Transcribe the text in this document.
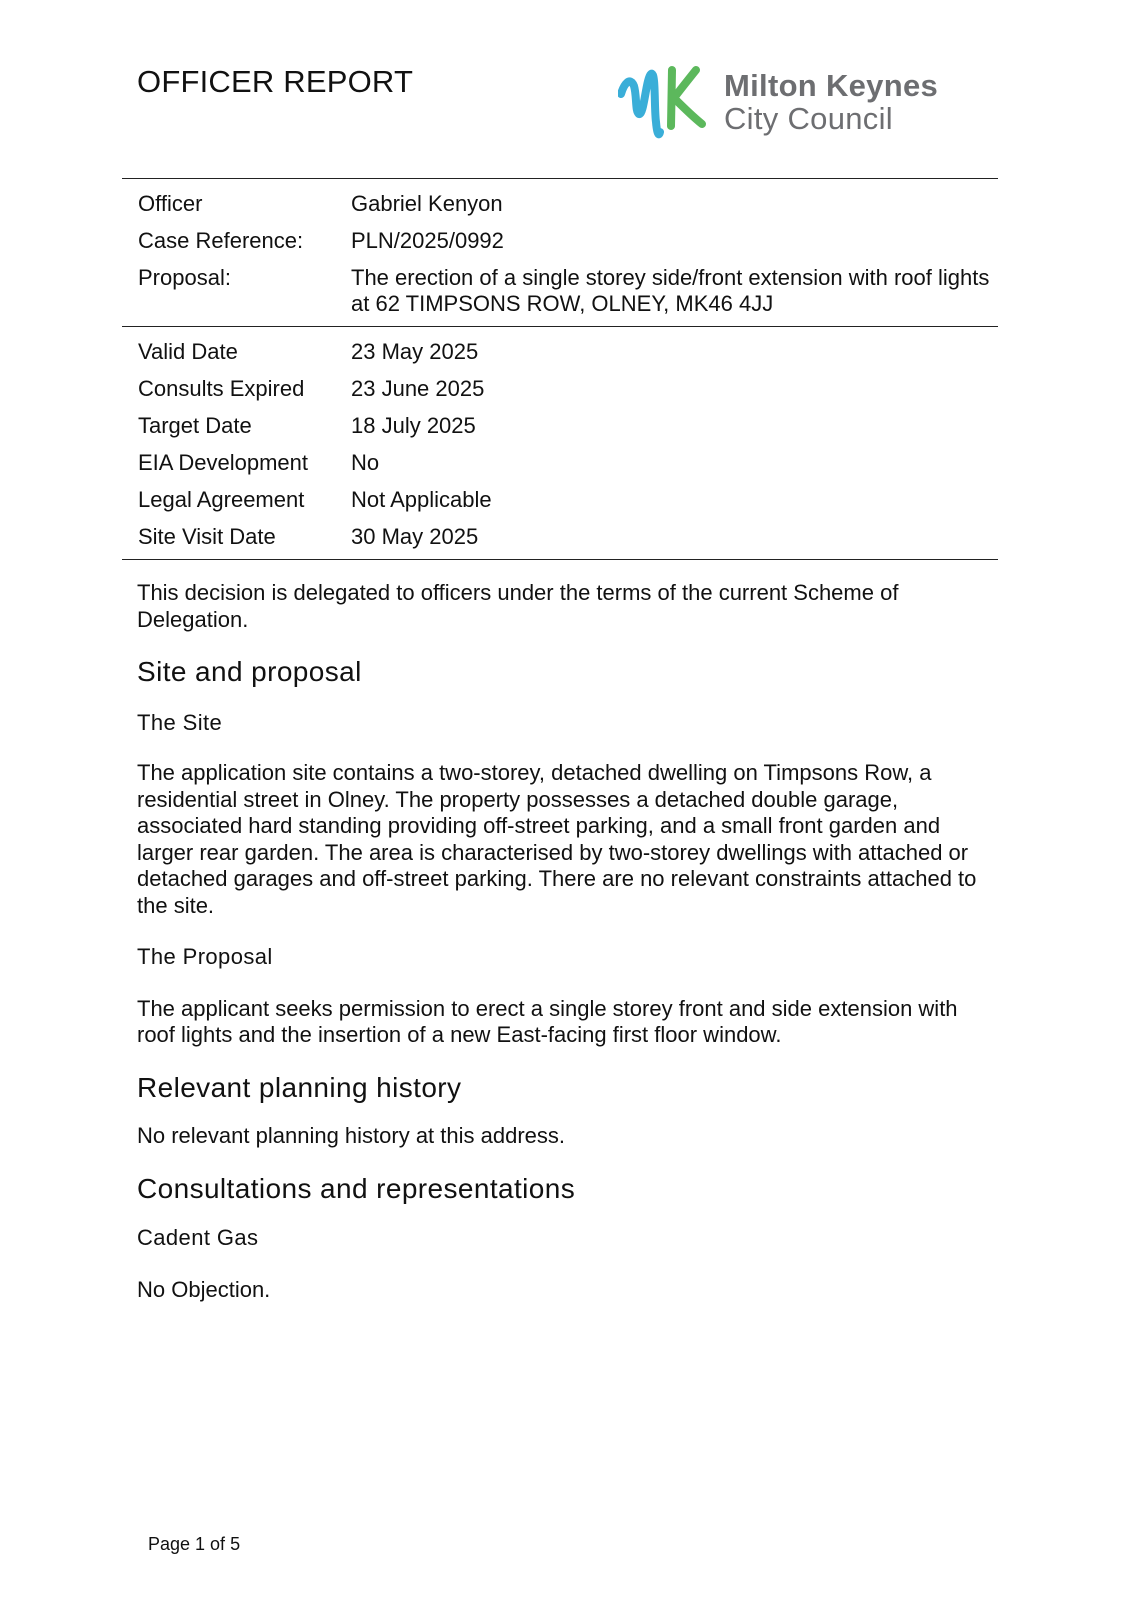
OFFICER REPORT	Milton Keynes
City Council
Officer	Gabriel Kenyon
Case Reference:	PLN/2025/0992
Proposal:	The erection of a single storey side/front extension with roof lights at 62 TIMPSONS ROW, OLNEY, MK46 4JJ
Valid Date	23 May 2025
Consults Expired	23 June 2025
Target Date	18 July 2025
EIA Development	No
Legal Agreement	Not Applicable
Site Visit Date	30 May 2025

This decision is delegated to officers under the terms of the current Scheme of Delegation.

Site and proposal
The Site

The application site contains a two-storey, detached dwelling on Timpsons Row, a residential street in Olney. The property possesses a detached double garage, associated hard standing providing off-street parking, and a small front garden and larger rear garden. The area is characterised by two-storey dwellings with attached or detached garages and off-street parking. There are no relevant constraints attached to the site.

The Proposal

The applicant seeks permission to erect a single storey front and side extension with roof lights and the insertion of a new East-facing first floor window.

Relevant planning history

No relevant planning history at this address.

Consultations and representations
Cadent Gas

No Objection.

Page 1 of 5
